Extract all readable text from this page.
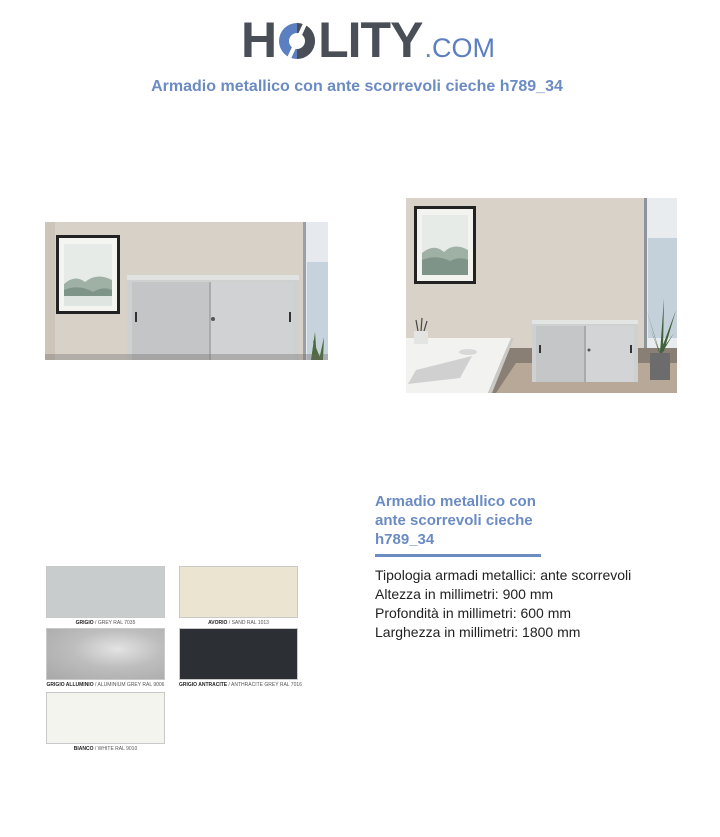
H LITY .COM
Armadio metallico con ante scorrevoli cieche h789_34
GRIGIO / GREY RAL 7035	AVORIO / SAND RAL 1013
GRIGIO ALLUMINIO / ALUMINIUM GREY RAL 9006	GRIGIO ANTRACITE / ANTHRACITE GREY RAL 7016
BIANCO / WHITE RAL 9010
Armadio metallico con
ante scorrevoli cieche
h789_34
Tipologia armadi metallici: ante scorrevoli
Altezza in millimetri: 900 mm
Profondità in millimetri: 600 mm
Larghezza in millimetri: 1800 mm
